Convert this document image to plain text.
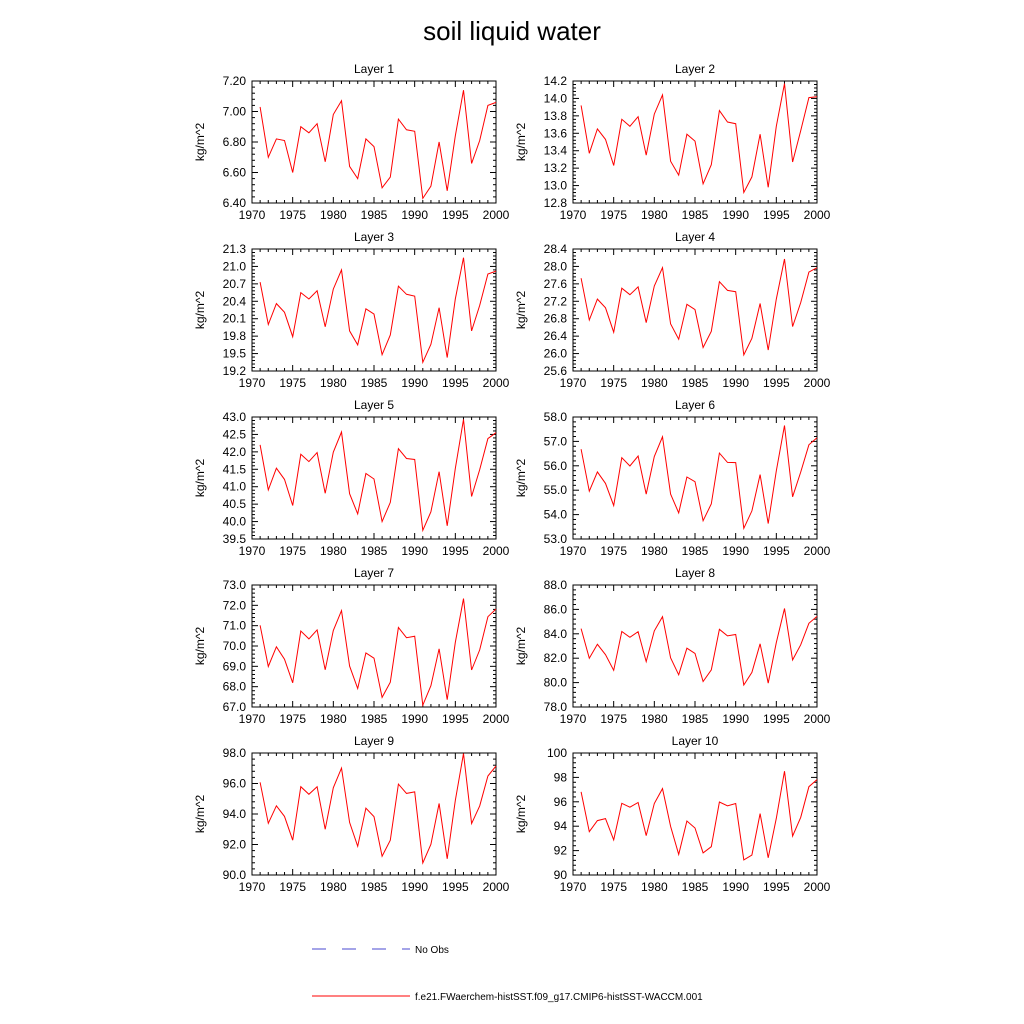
soil liquid water
Layer 1
kg/m^2
6.40
6.60
6.80
7.00
7.20
1970 1975 1980 1985 1990 1995 2000
Layer 2
kg/m^2
12.8
13.0
13.2
13.4
13.6
13.8
14.0
14.2
1970 1975 1980 1985 1990 1995 2000
Layer 3
kg/m^2
19.2
19.5
19.8
20.1
20.4
20.7
21.0
21.3
1970 1975 1980 1985 1990 1995 2000
Layer 4
kg/m^2
25.6
26.0
26.4
26.8
27.2
27.6
28.0
28.4
1970 1975 1980 1985 1990 1995 2000
Layer 5
kg/m^2
39.5
40.0
40.5
41.0
41.5
42.0
42.5
43.0
1970 1975 1980 1985 1990 1995 2000
Layer 6
kg/m^2
53.0
54.0
55.0
56.0
57.0
58.0
1970 1975 1980 1985 1990 1995 2000
Layer 7
kg/m^2
67.0
68.0
69.0
70.0
71.0
72.0
73.0
1970 1975 1980 1985 1990 1995 2000
Layer 8
kg/m^2
78.0
80.0
82.0
84.0
86.0
88.0
1970 1975 1980 1985 1990 1995 2000
Layer 9
kg/m^2
90.0
92.0
94.0
96.0
98.0
1970 1975 1980 1985 1990 1995 2000
Layer 10
kg/m^2
90
92
94
96
98
100
1970 1975 1980 1985 1990 1995 2000
No Obs
f.e21.FWaerchem-histSST.f09_g17.CMIP6-histSST-WACCM.001
